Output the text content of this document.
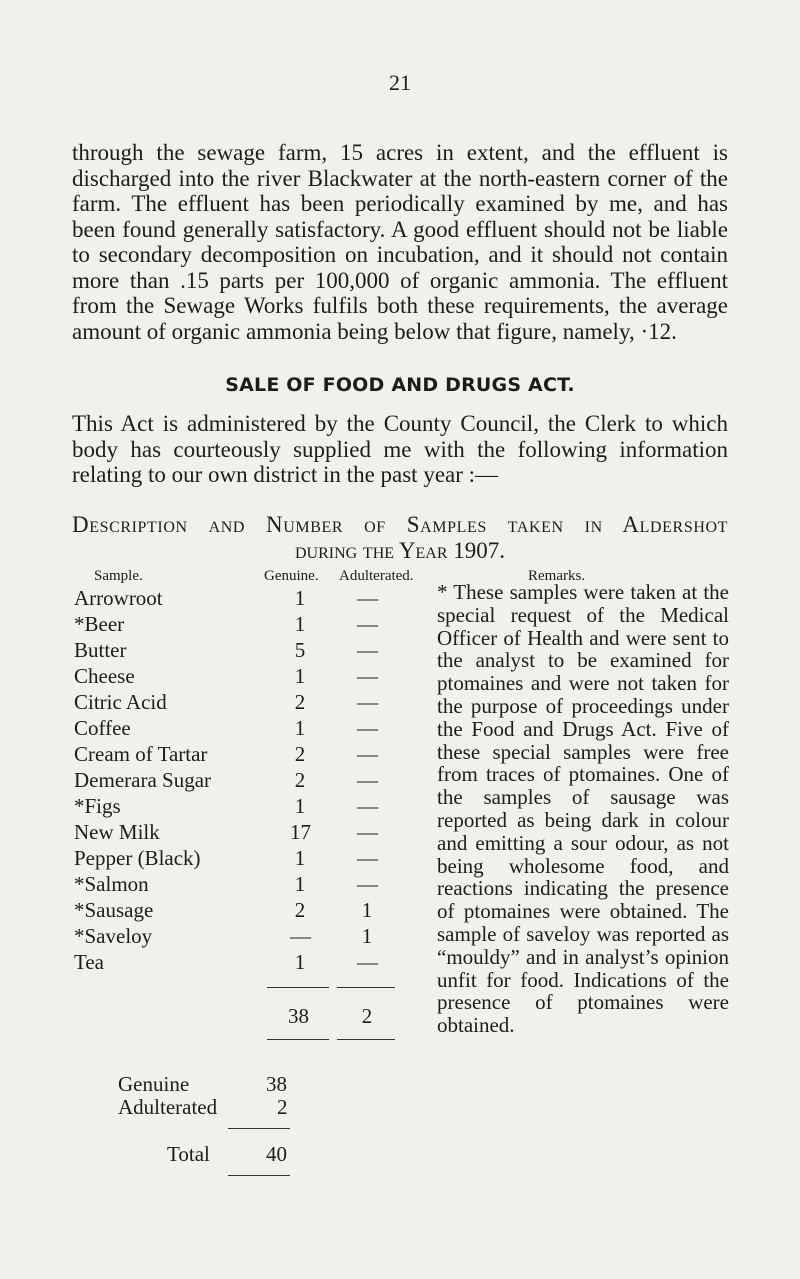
21
through the sewage farm, 15 acres in extent, and the effluent is discharged into the river Blackwater at the north-eastern corner of the farm. The effluent has been periodically examined by me, and has been found generally satisfactory. A good effluent should not be liable to secondary decomposition on incubation, and it should not contain more than .15 parts per 100,000 of organic ammonia. The effluent from the Sewage Works fulfils both these requirements, the average amount of organic ammonia being below that figure, namely, ·12.
SALE OF FOOD AND DRUGS ACT.
This Act is administered by the County Council, the Clerk to which body has courteously supplied me with the following information relating to our own district in the past year :—
Description and Number of Samples taken in Aldershot
during the Year 1907.
Sample.	Genuine. Adulterated.	Remarks.
Arrowroot	1 —
*Beer	1 —
Butter	5 —
Cheese	1 —
Citric Acid	2 —
Coffee	1 —
Cream of Tartar	2 —
Demerara Sugar	2 —
*Figs	1 —
New Milk	17 —
Pepper (Black)	1 —
*Salmon	1 —
*Sausage	2	1
*Saveloy	— 1
Tea	1 —
38	2
* These samples were taken at the special request of the Medical Officer of Health and were sent to the analyst to be examined for ptomaines and were not taken for the purpose of proceedings under the Food and Drugs Act. Five of these special samples were free from traces of ptomaines. One of the samples of sausage was reported as being dark in colour and emitting a sour odour, as not being wholesome food, and reactions indicating the presence of ptomaines were obtained. The sample of saveloy was reported as “mouldy” and in analyst’s opinion unfit for food. Indications of the presence of ptomaines were obtained.
Genuine	38
Adulterated	2
Total	40
